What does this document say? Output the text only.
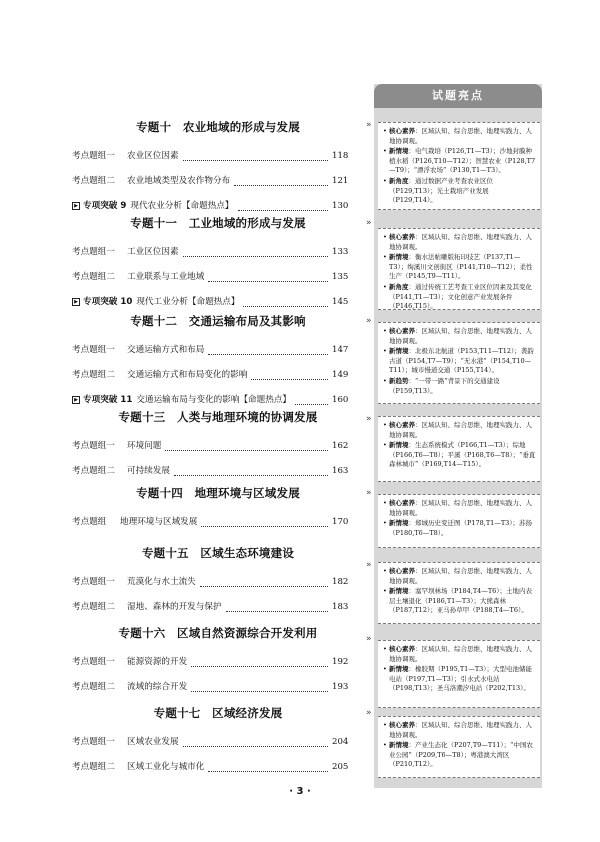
试题亮点
»
»
»
»
»
»
»
»
专题十　农业地域的形成与发展
考点题组一	农业区位因素	118
考点题组二	农业地域类型及农作物分布	121
▶ 专项突破 9 现代农业分析【命题热点】	130
专题十一　工业地域的形成与发展
考点题组一	工业区位因素	133
考点题组二	工业联系与工业地域	135
▶ 专项突破 10 现代工业分析【命题热点】	145
专题十二　交通运输布局及其影响
考点题组一	交通运输方式和布局	147
考点题组二	交通运输方式和布局变化的影响	149
▶ 专项突破 11 交通运输布局与变化的影响【命题热点】	160
专题十三　人类与地理环境的协调发展
考点题组一	环境问题	162
考点题组二	可持续发展	163
专题十四　地理环境与区域发展
考点题组	地理环境与区域发展	170
专题十五　区域生态环境建设
考点题组一	荒漠化与水土流失	182
考点题组二	湿地、森林的开发与保护	183
专题十六　区域自然资源综合开发利用
考点题组一	能源资源的开发	192
考点题组二	流域的综合开发	193
专题十七　区域经济发展
考点题组一	区域农业发展	204
考点题组二	区域工业化与城市化	205
• 核心素养：区域认知、综合思维、地理实践力、人地协调观。
• 新情境：电气栽培（P126,T1—T3）；沙地封膜种植水稻（P126,T10—T12）；智慧农业（P128,T7—T9）；“漂浮农场”（P130,T1—T3）。
• 新角度：通过数据产业考查农业区位（P129,T13）；光土栽培产业发展（P129,T14）。
• 核心素养：区域认知、综合思维、地理实践力、人地协调观。
• 新情境：衡水法帖雕版拓印技艺（P137,T1—T3）；绚溪川文创街区（P141,T10—T12）；柔性生产（P145,T9—T11）。
• 新角度：通过传统工艺考查工业区位因素及其变化（P141,T1—T3）；文化创意产业发展条件（P146,T15）。
• 核心素养：区域认知、综合思维、地理实践力、人地协调观。
• 新情境：北极东北航道（P153,T11—T12）；袭韵古道（P154,T7—T9）；“无水港”（P154,T10—T11）；城市慢道交通（P155,T14）。
• 新趋势：“一带一路”背景下的交通建设（P159,T13）。
• 核心素养：区域认知、综合思维、地理实践力、人地协调观。
• 新情境：生态系统模式（P166,T1—T3）；综地（P166,T6—T8）；平溪（P168,T6—T8）；“垂直森林城市”（P169,T14—T15）。
• 核心素养：区域认知、综合思维、地理实践力、人地协调观。
• 新情境：郑城历史变迁图（P178,T1—T3）；苏扬（P180,T6—T8）。
• 核心素养：区域认知、综合思维、地理实践力、人地协调观。
• 新情境：塞罕坝林场（P184,T4—T6）；土地内表层土壤退化（P186,T1—T3）；大熊森林（P187,T12）；亚马孙草甲（P188,T4—T6）。
• 核心素养：区域认知、综合思维、地理实践力、人地协调观。
• 新情境：橡胶期（P195,T1—T3）；大型电池储能电站（P197,T1—T3）；引水式水电站（P198,T13）；圣马洛潮汐电站（P202,T13）。
• 核心素养：区域认知、综合思维、地理实践力、人地协调观。
• 新情境：产业生态化（P207,T9—T11）；“中国农业公园”（P209,T6—T8）；粤港澳大湾区（P210,T12）。
· 3 ·
